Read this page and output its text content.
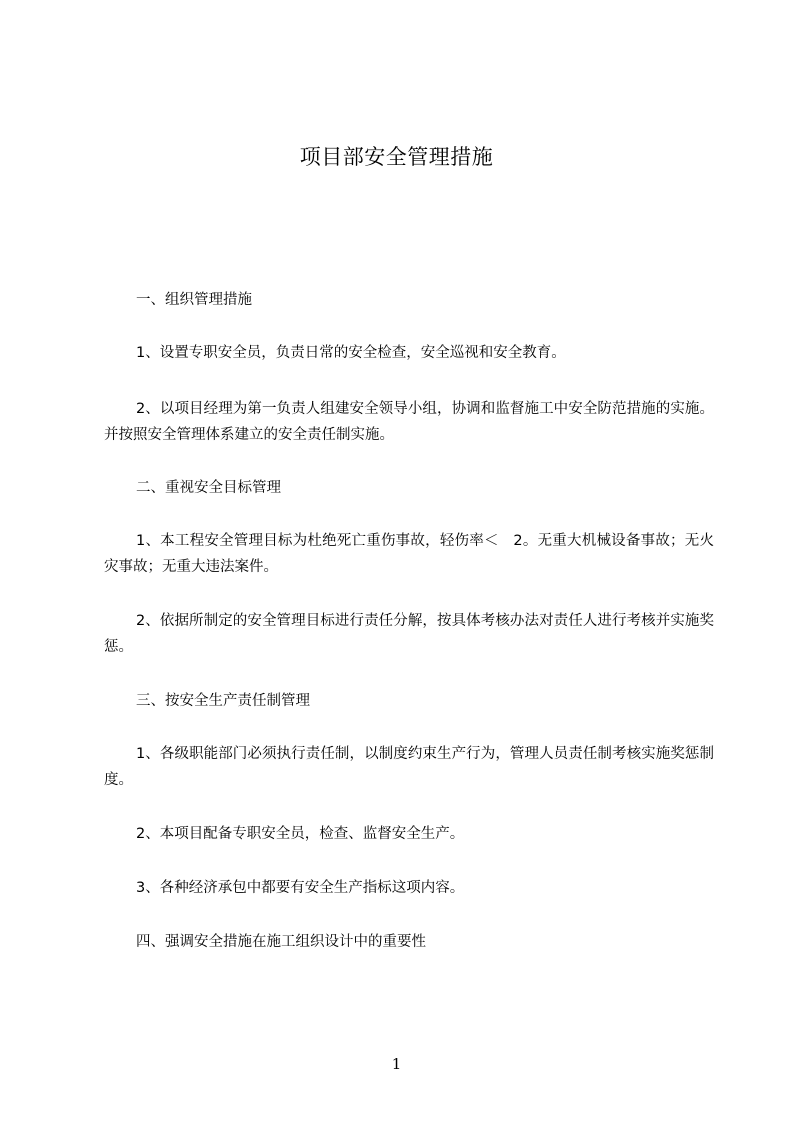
项目部安全管理措施

一、组织管理措施

1、设置专职安全员，负责日常的安全检查，安全巡视和安全教育。

2、以项目经理为第一负责人组建安全领导小组，协调和监督施工中安全防范措施的实施。并按照安全管理体系建立的安全责任制实施。

二、重视安全目标管理

1、本工程安全管理目标为杜绝死亡重伤事故，轻伤率＜　2。无重大机械设备事故；无火灾事故；无重大违法案件。

2、依据所制定的安全管理目标进行责任分解，按具体考核办法对责任人进行考核并实施奖惩。

三、按安全生产责任制管理

1、各级职能部门必须执行责任制，以制度约束生产行为，管理人员责任制考核实施奖惩制度。

2、本项目配备专职安全员，检查、监督安全生产。

3、各种经济承包中都要有安全生产指标这项内容。

四、强调安全措施在施工组织设计中的重要性

1
